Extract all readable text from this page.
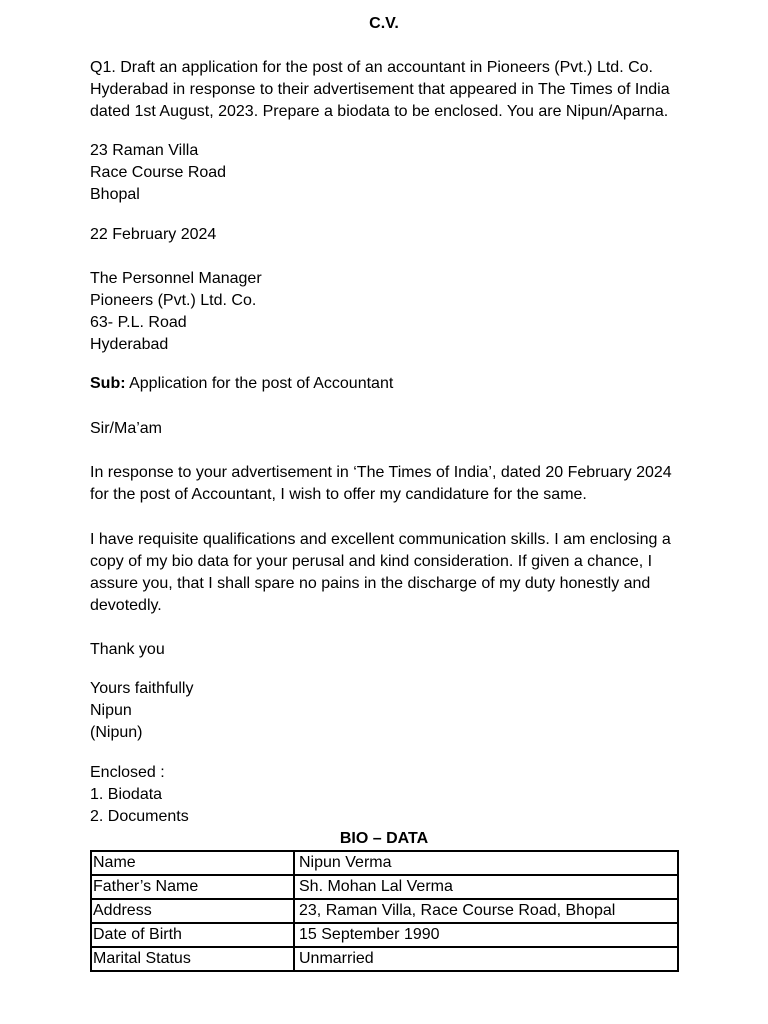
C.V.
Q1. Draft an application for the post of an accountant in Pioneers (Pvt.) Ltd. Co.
Hyderabad in response to their advertisement that appeared in The Times of India
dated 1st August, 2023. Prepare a biodata to be enclosed. You are Nipun/Aparna.
23 Raman Villa
Race Course Road
Bhopal
22 February 2024
The Personnel Manager
Pioneers (Pvt.) Ltd. Co.
63- P.L. Road
Hyderabad
Sub: Application for the post of Accountant
Sir/Ma’am
In response to your advertisement in ‘The Times of India’, dated 20 February 2024
for the post of Accountant, I wish to offer my candidature for the same.
I have requisite qualifications and excellent communication skills. I am enclosing a
copy of my bio data for your perusal and kind consideration. If given a chance, I
assure you, that I shall spare no pains in the discharge of my duty honestly and
devotedly.
Thank you
Yours faithfully
Nipun
(Nipun)
Enclosed :
1. Biodata
2. Documents
BIO – DATA
Name	Nipun Verma
Father’s Name	Sh. Mohan Lal Verma
Address	23, Raman Villa, Race Course Road, Bhopal
Date of Birth	15 September 1990
Marital Status	Unmarried
